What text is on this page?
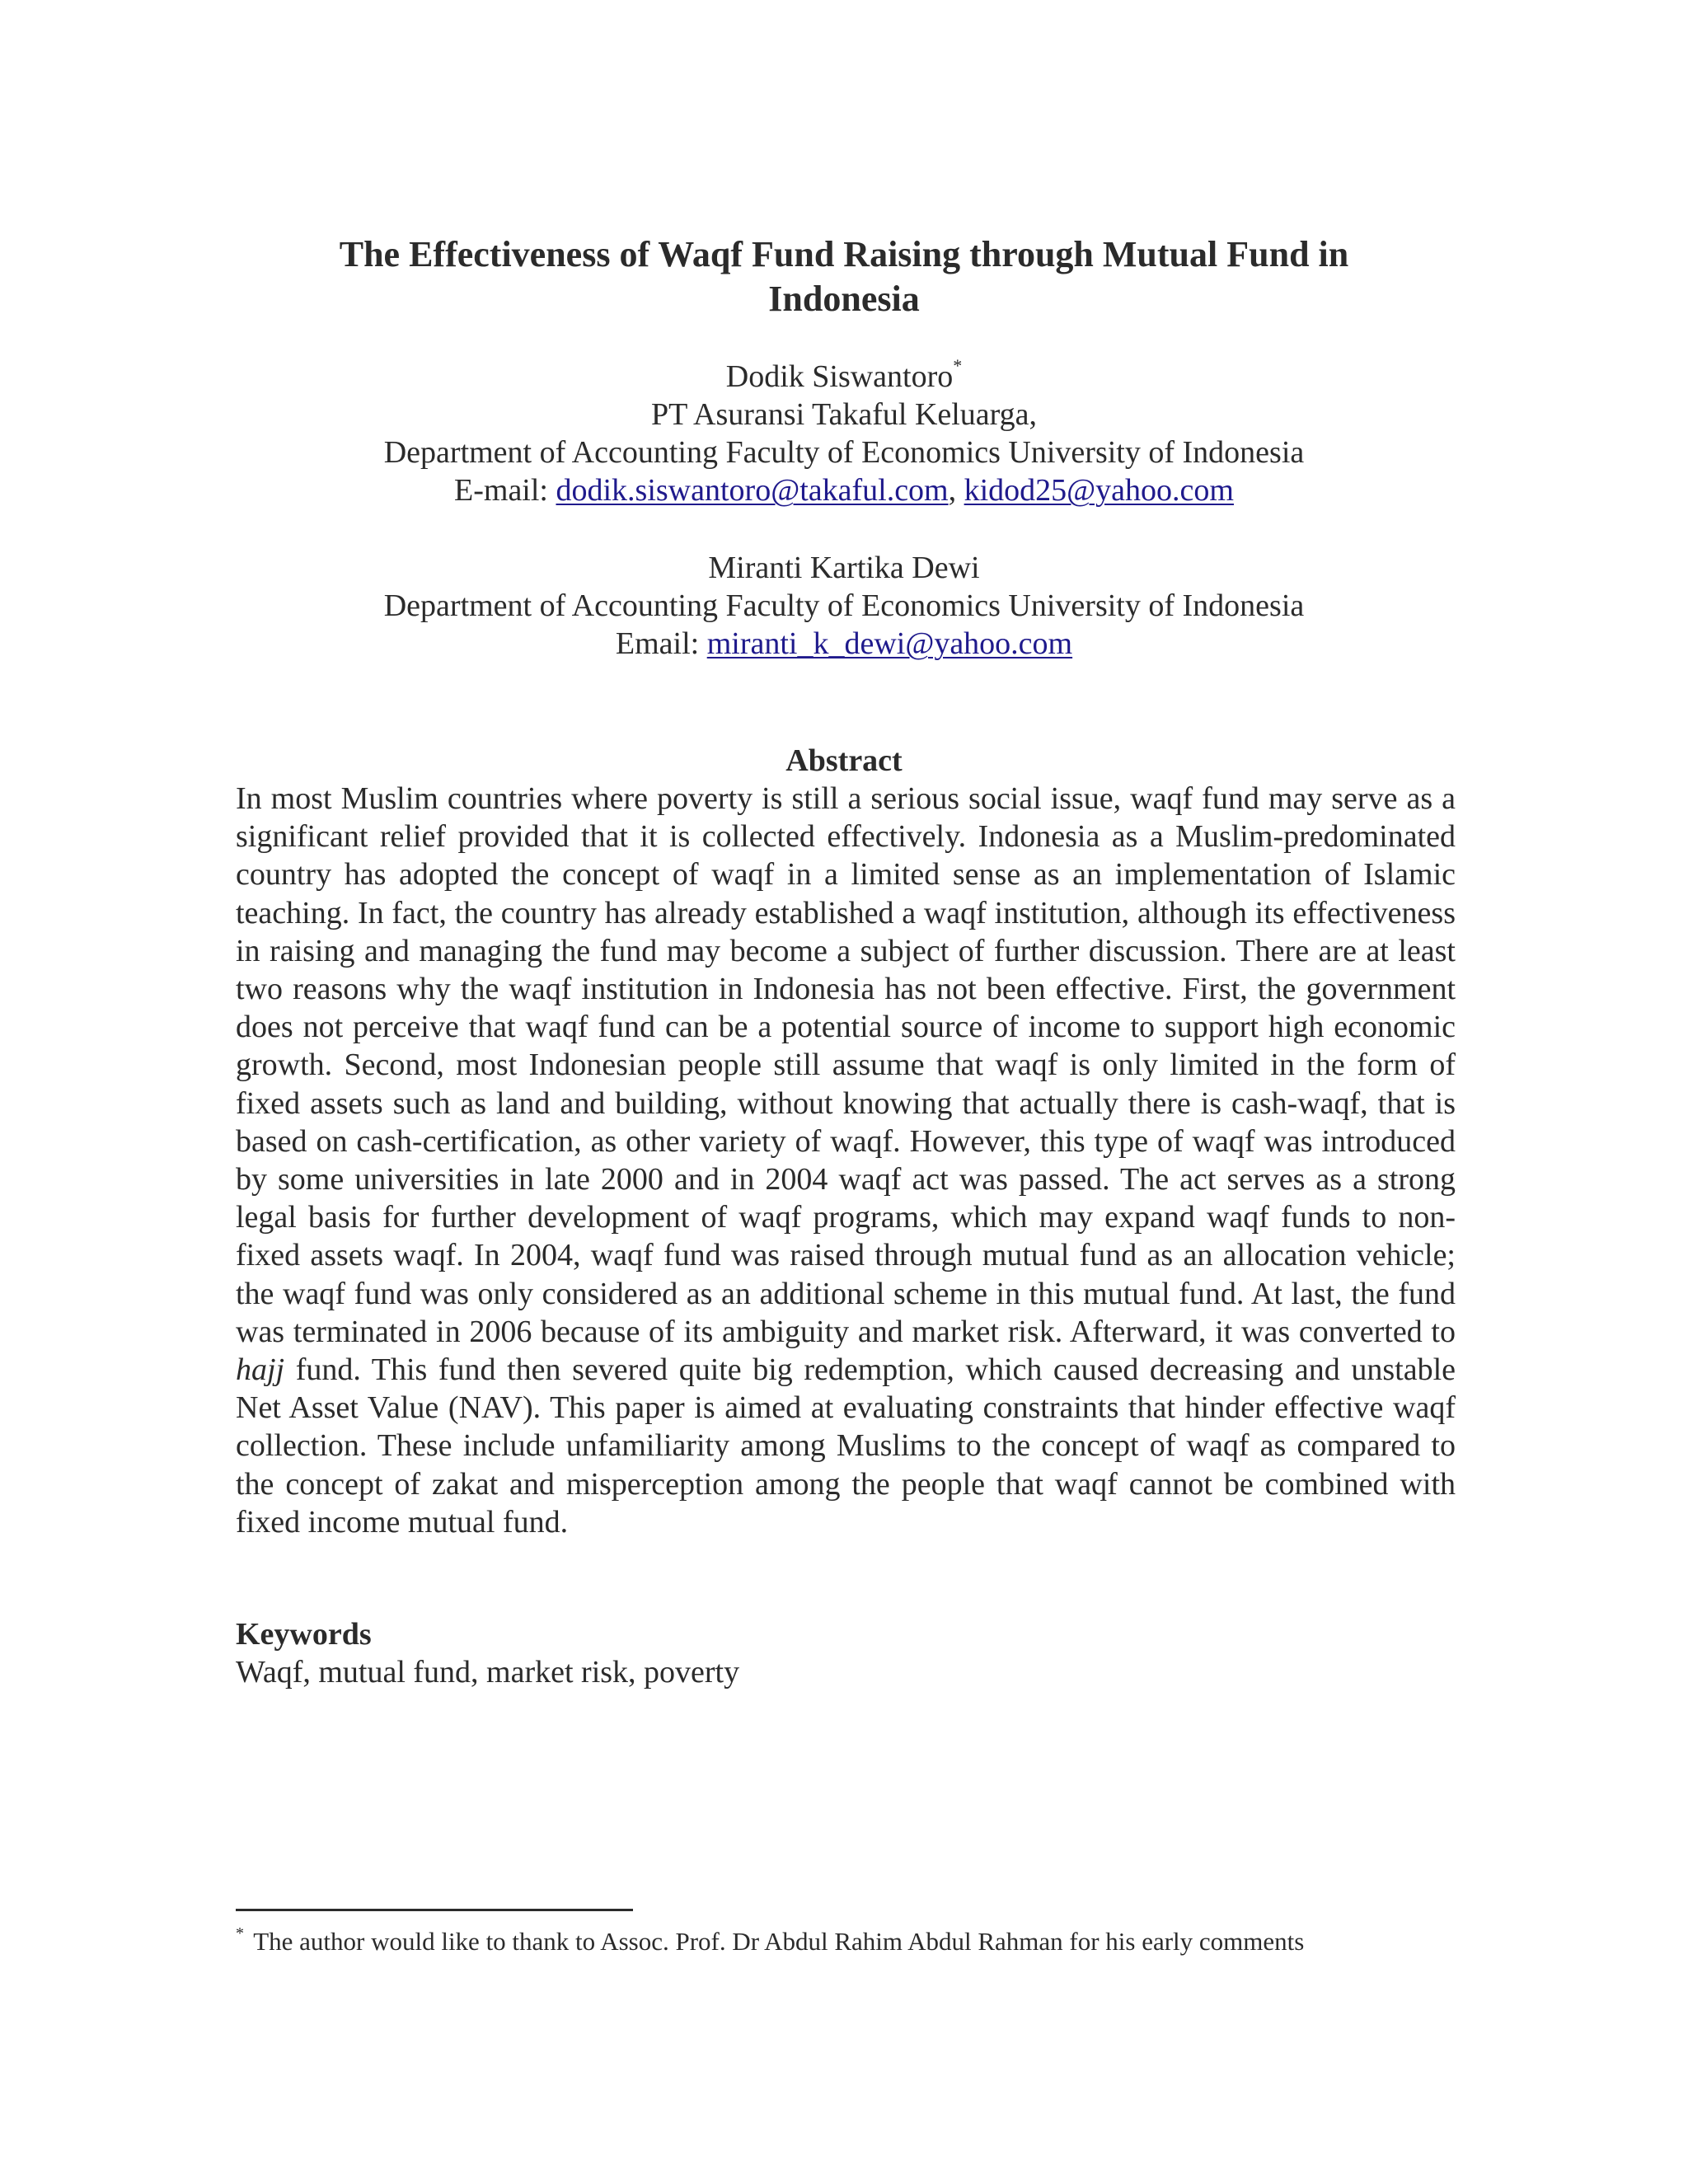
The Effectiveness of Waqf Fund Raising through Mutual Fund in
Indonesia
Dodik Siswantoro*
PT Asuransi Takaful Keluarga,
Department of Accounting Faculty of Economics University of Indonesia
E-mail: dodik.siswantoro@takaful.com, kidod25@yahoo.com
Miranti Kartika Dewi
Department of Accounting Faculty of Economics University of Indonesia
Email: miranti_k_dewi@yahoo.com
Abstract

In most Muslim countries where poverty is still a serious social issue, waqf fund may serve as a significant relief provided that it is collected effectively. Indonesia as a Muslim-predominated country has adopted the concept of waqf in a limited sense as an implementation of Islamic teaching. In fact, the country has already established a waqf institution, although its effectiveness in raising and managing the fund may become a subject of further discussion. There are at least two reasons why the waqf institution in Indonesia has not been effective. First, the government does not perceive that waqf fund can be a potential source of income to support high economic growth. Second, most Indonesian people still assume that waqf is only limited in the form of fixed assets such as land and building, without knowing that actually there is cash-waqf, that is based on cash-certification, as other variety of waqf. However, this type of waqf was introduced by some universities in late 2000 and in 2004 waqf act was passed. The act serves as a strong legal basis for further development of waqf programs, which may expand waqf funds to non-fixed assets waqf. In 2004, waqf fund was raised through mutual fund as an allocation vehicle; the waqf fund was only considered as an additional scheme in this mutual fund. At last, the fund was terminated in 2006 because of its ambiguity and market risk. Afterward, it was converted to hajj fund. This fund then severed quite big redemption, which caused decreasing and unstable Net Asset Value (NAV). This paper is aimed at evaluating constraints that hinder effective waqf collection. These include unfamiliarity among Muslims to the concept of waqf as compared to the concept of zakat and misperception among the people that waqf cannot be combined with fixed income mutual fund.

Keywords

Waqf, mutual fund, market risk, poverty

* The author would like to thank to Assoc. Prof. Dr Abdul Rahim Abdul Rahman for his early comments
